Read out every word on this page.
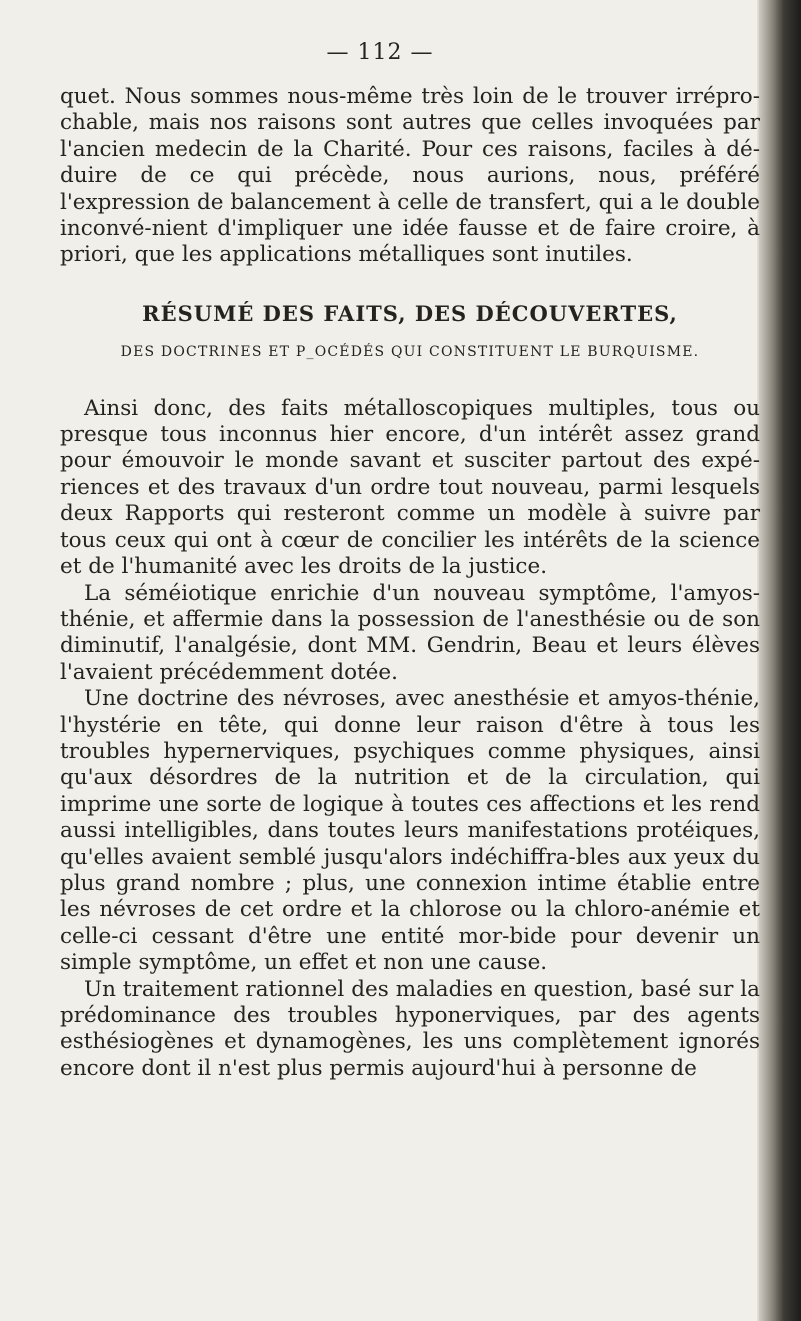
— 112 —

quet. Nous sommes nous-même très loin de le trouver irrépro-chable, mais nos raisons sont autres que celles invoquées par l'ancien medecin de la Charité. Pour ces raisons, faciles à dé-duire de ce qui précède, nous aurions, nous, préféré l'expression de balancement à celle de transfert, qui a le double inconvé-nient d'impliquer une idée fausse et de faire croire, à priori, que les applications métalliques sont inutiles.

RÉSUMÉ DES FAITS, DES DÉCOUVERTES,
DES DOCTRINES ET P_OCÉDÉS QUI CONSTITUENT LE BURQUISME.

Ainsi donc, des faits métalloscopiques multiples, tous ou presque tous inconnus hier encore, d'un intérêt assez grand pour émouvoir le monde savant et susciter partout des expé-riences et des travaux d'un ordre tout nouveau, parmi lesquels deux Rapports qui resteront comme un modèle à suivre par tous ceux qui ont à cœur de concilier les intérêts de la science et de l'humanité avec les droits de la justice.

La séméiotique enrichie d'un nouveau symptôme, l'amyos-thénie, et affermie dans la possession de l'anesthésie ou de son diminutif, l'analgésie, dont MM. Gendrin, Beau et leurs élèves l'avaient précédemment dotée.

Une doctrine des névroses, avec anesthésie et amyos-thénie, l'hystérie en tête, qui donne leur raison d'être à tous les troubles hypernerviques, psychiques comme physiques, ainsi qu'aux désordres de la nutrition et de la circulation, qui imprime une sorte de logique à toutes ces affections et les rend aussi intelligibles, dans toutes leurs manifestations protéiques, qu'elles avaient semblé jusqu'alors indéchiffra-bles aux yeux du plus grand nombre ; plus, une connexion intime établie entre les névroses de cet ordre et la chlorose ou la chloro-anémie et celle-ci cessant d'être une entité mor-bide pour devenir un simple symptôme, un effet et non une cause.

Un traitement rationnel des maladies en question, basé sur la prédominance des troubles hyponerviques, par des agents esthésiogènes et dynamogènes, les uns complètement ignorés encore dont il n'est plus permis aujourd'hui à personne de
